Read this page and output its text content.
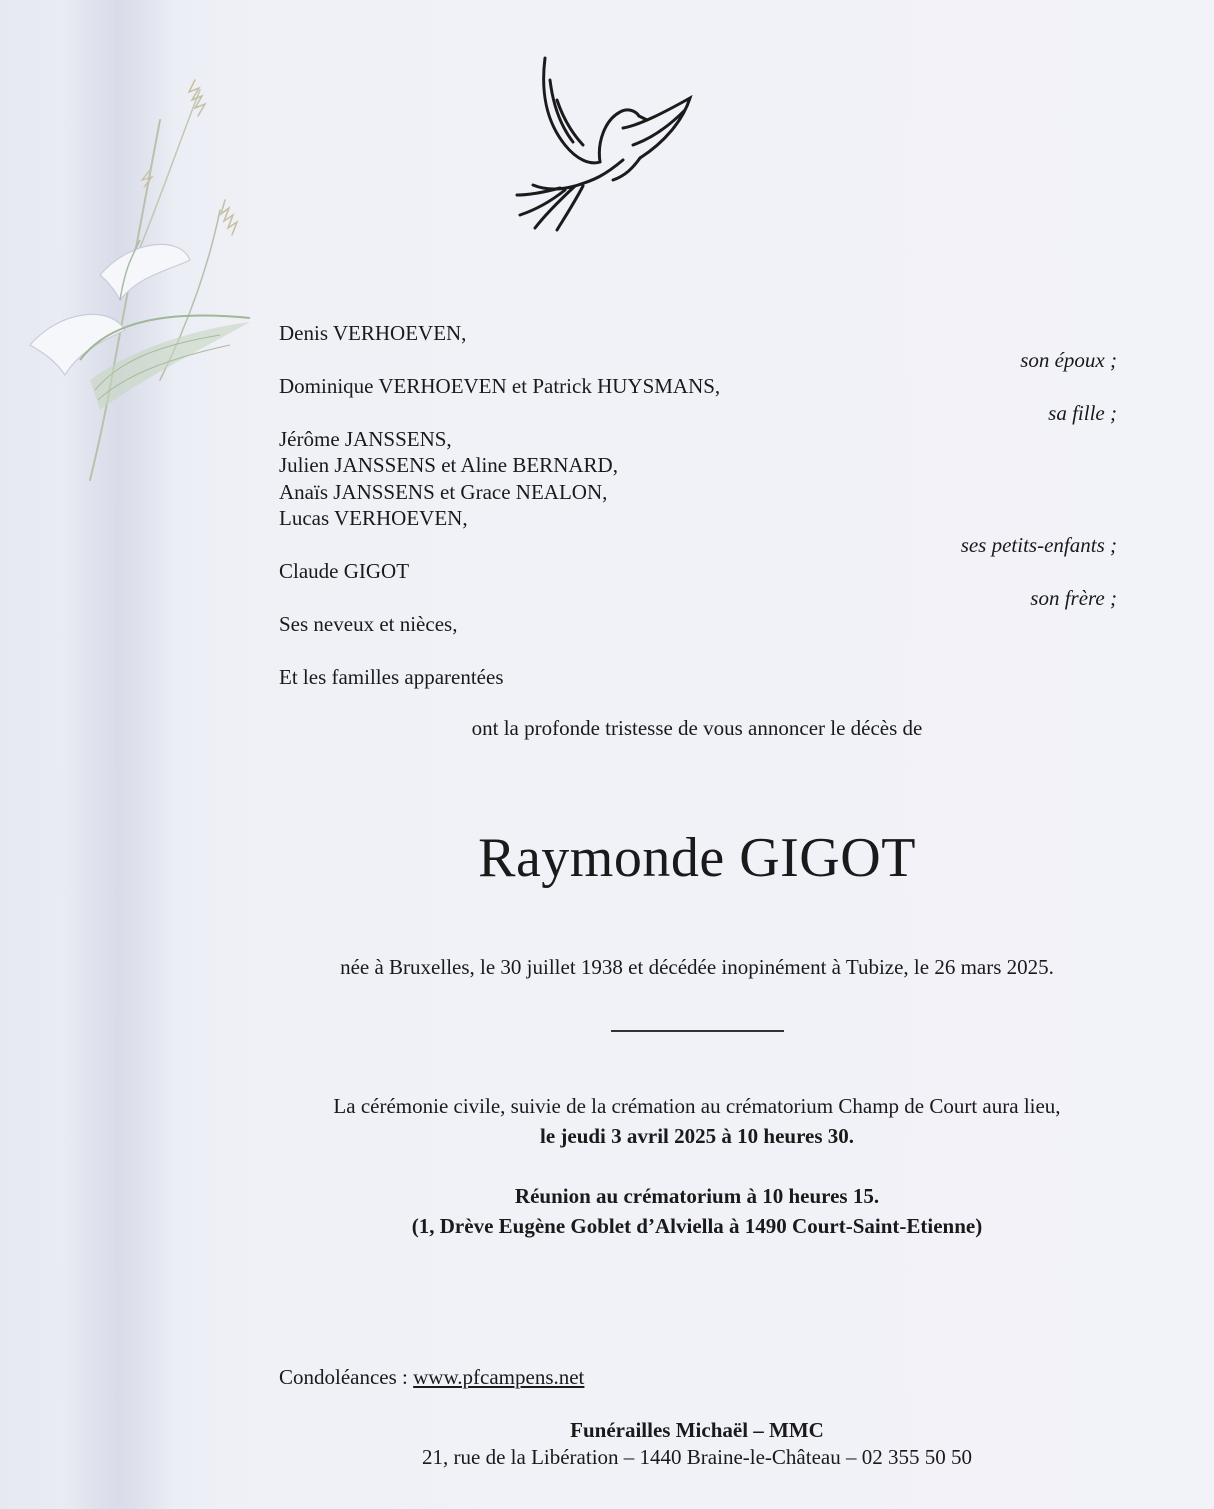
Denis VERHOEVEN,
son époux ;
Dominique VERHOEVEN et Patrick HUYSMANS,
sa fille ;
Jérôme JANSSENS,
Julien JANSSENS et Aline BERNARD,
Anaïs JANSSENS et Grace NEALON,
Lucas VERHOEVEN,
ses petits-enfants ;
Claude GIGOT
son frère ;
Ses neveux et nièces,
Et les familles apparentées
ont la profonde tristesse de vous annoncer le décès de
Raymonde GIGOT
née à Bruxelles, le 30 juillet 1938 et décédée inopinément à Tubize, le 26 mars 2025.
La cérémonie civile, suivie de la crémation au crématorium Champ de Court aura lieu,
le jeudi 3 avril 2025 à 10 heures 30.
Réunion au crématorium à 10 heures 15.
(1, Drève Eugène Goblet d’Alviella à 1490 Court-Saint-Etienne)
Condoléances : www.pfcampens.net
Funérailles Michaël – MMC
21, rue de la Libération – 1440 Braine-le-Château – 02 355 50 50
